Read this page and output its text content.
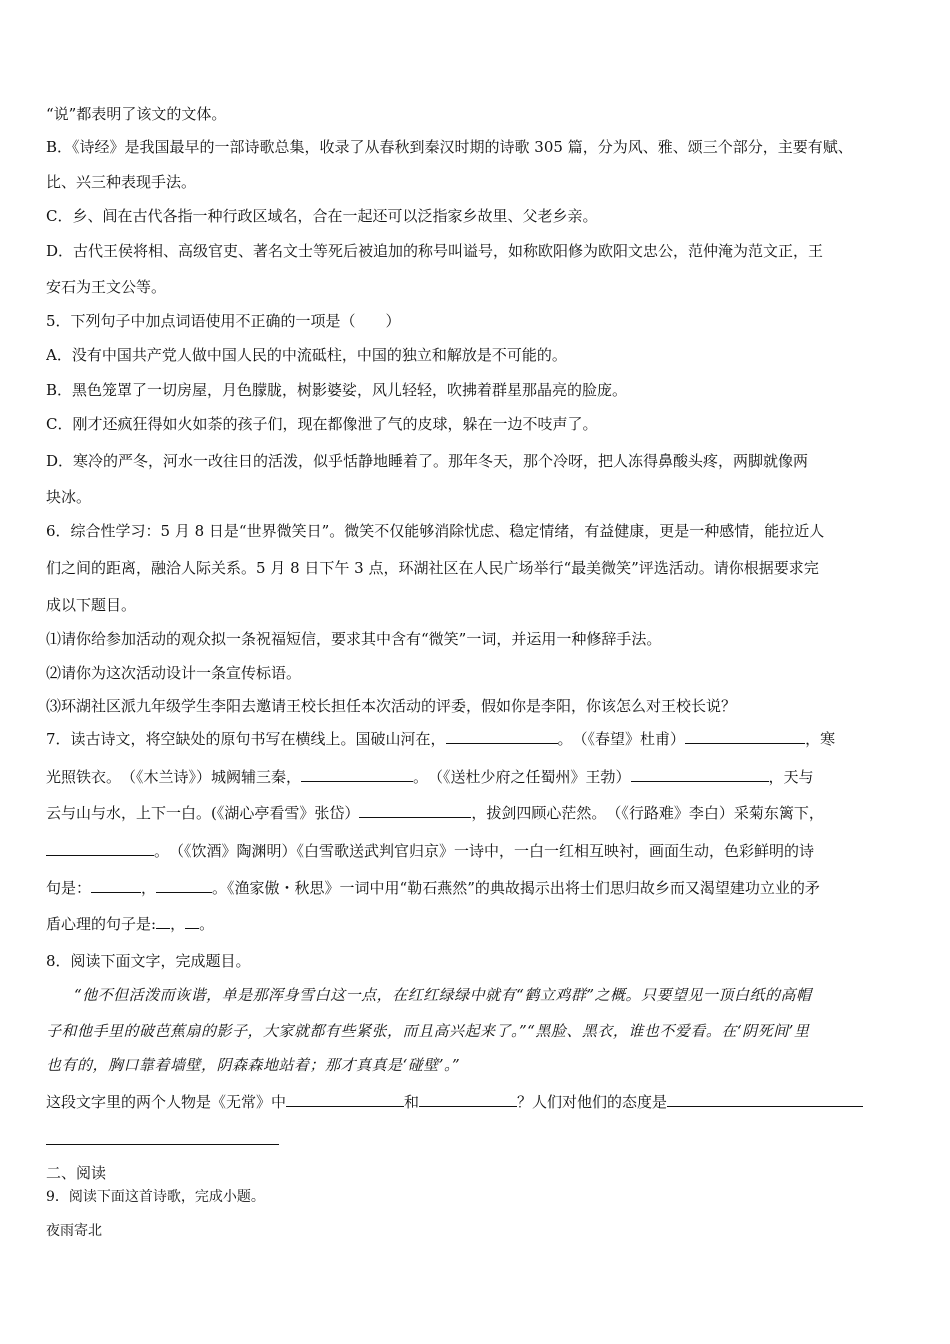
“说”都表明了该文的文体。
B．《诗经》是我国最早的一部诗歌总集，收录了从春秋到秦汉时期的诗歌 305 篇，分为风、雅、颂三个部分，主要有赋、
比、兴三种表现手法。
C．乡、闾在古代各指一种行政区域名，合在一起还可以泛指家乡故里、父老乡亲。
D．古代王侯将相、高级官吏、著名文士等死后被追加的称号叫谥号，如称欧阳修为欧阳文忠公，范仲淹为范文正，王
安石为王文公等。
5．下列句子中加点词语使用不正确的一项是（　　）
A．没有中国共产党人做中国人民的中流砥柱，中国的独立和解放是不可能的。
B．黑色笼罩了一切房屋，月色朦胧，树影婆娑，风儿轻轻，吹拂着群星那晶亮的脸庞。
C．刚才还疯狂得如火如荼的孩子们，现在都像泄了气的皮球，躲在一边不吱声了。
D．寒冷的严冬，河水一改往日的活泼，似乎恬静地睡着了。那年冬天，那个冷呀，把人冻得鼻酸头疼，两脚就像两
块冰。
6．综合性学习：5 月 8 日是“世界微笑日”。微笑不仅能够消除忧虑、稳定情绪，有益健康，更是一种感情，能拉近人
们之间的距离，融洽人际关系。5 月 8 日下午 3 点，环湖社区在人民广场举行“最美微笑”评选活动。请你根据要求完
成以下题目。
⑴请你给参加活动的观众拟一条祝福短信，要求其中含有“微笑”一词，并运用一种修辞手法。
⑵请你为这次活动设计一条宣传标语。
⑶环湖社区派九年级学生李阳去邀请王校长担任本次活动的评委，假如你是李阳，你该怎么对王校长说？
7．读古诗文，将空缺处的原句书写在横线上。国破山河在，	。　（《春望》杜甫）	，寒
光照铁衣。　（《木兰诗》）城阙辅三秦，	。　（《送杜少府之任蜀州》王勃）	，天与
云与山与水，上下一白。(《湖心亭看雪》张岱）	，拔剑四顾心茫然。　（《行路难》李白）采菊东篱下，
。　（《饮酒》陶渊明）《白雪歌送武判官归京》一诗中，一白一红相互映衬，画面生动，色彩鲜明的诗
句是：	，	。《渔家傲・秋思》一词中用“勒石燕然”的典故揭示出将士们思归故乡而又渴望建功立业的矛
盾心理的句子是: ， 。
8．阅读下面文字，完成题目。
“他不但活泼而诙谐，单是那浑身雪白这一点，在红红绿绿中就有“鹤立鸡群”之概。只要望见一顶白纸的高帽
子和他手里的破芭蕉扇的影子，大家就都有些紧张，而且高兴起来了。”“黑脸、黑衣，谁也不爱看。在‘阴死间’里
也有的，胸口靠着墙壁，阴森森地站着；那才真真是‘碰壁’。”
这段文字里的两个人物是《无常》中	和	？人们对他们的态度是
二、阅读
9．阅读下面这首诗歌，完成小题。
夜雨寄北
